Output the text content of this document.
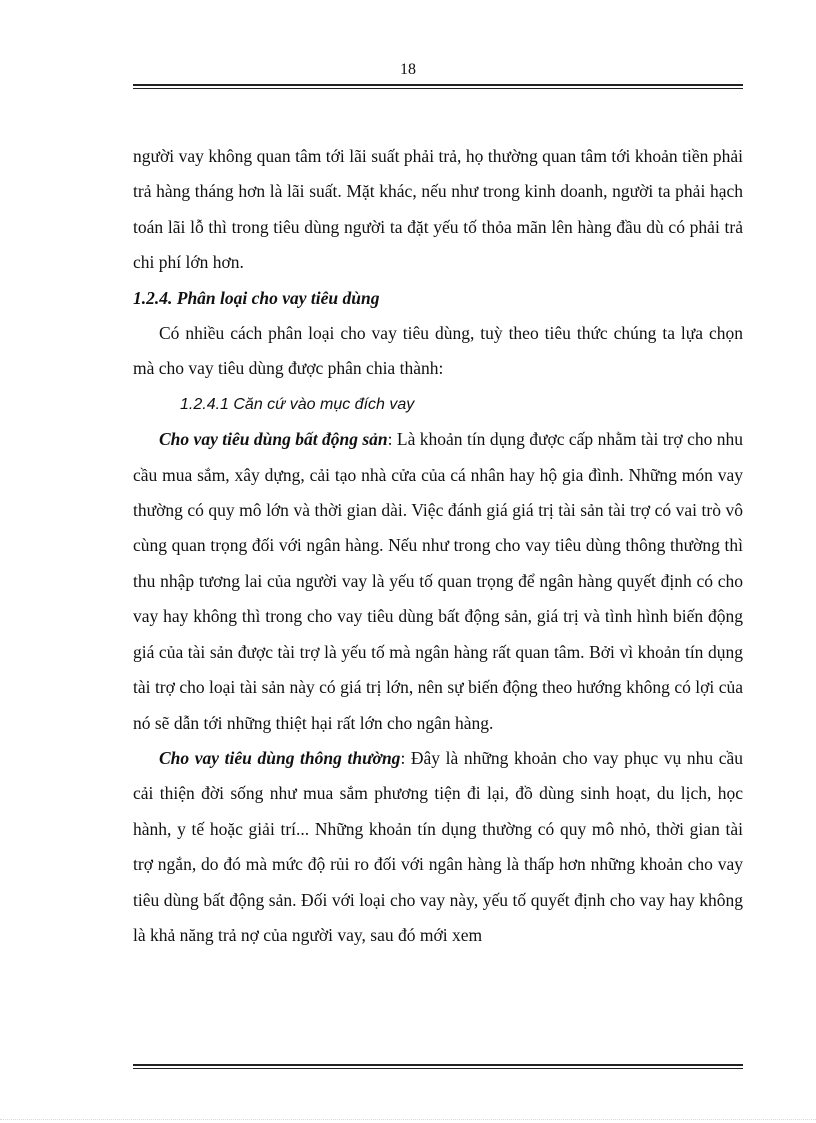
18

người vay không quan tâm tới lãi suất phải trả, họ thường quan tâm tới khoản tiền phải trả hàng tháng hơn là lãi suất. Mặt khác, nếu như trong kinh doanh, người ta phải hạch toán lãi lỗ thì trong tiêu dùng người ta đặt yếu tố thỏa mãn lên hàng đầu dù có phải trả chi phí lớn hơn.

1.2.4. Phân loại cho vay tiêu dùng

Có nhiều cách phân loại cho vay tiêu dùng, tuỳ theo tiêu thức chúng ta lựa chọn mà cho vay tiêu dùng được phân chia thành:

1.2.4.1 Căn cứ vào mục đích vay

Cho vay tiêu dùng bất động sản: Là khoản tín dụng được cấp nhằm tài trợ cho nhu cầu mua sắm, xây dựng, cải tạo nhà cửa của cá nhân hay hộ gia đình. Những món vay thường có quy mô lớn và thời gian dài. Việc đánh giá giá trị tài sản tài trợ có vai trò vô cùng quan trọng đối với ngân hàng. Nếu như trong cho vay tiêu dùng thông thường thì thu nhập tương lai của người vay là yếu tố quan trọng để ngân hàng quyết định có cho vay hay không thì trong cho vay tiêu dùng bất động sản, giá trị và tình hình biến động giá của tài sản được tài trợ là yếu tố mà ngân hàng rất quan tâm. Bởi vì khoản tín dụng tài trợ cho loại tài sản này có giá trị lớn, nên sự biến động theo hướng không có lợi của nó sẽ dẫn tới những thiệt hại rất lớn cho ngân hàng.

Cho vay tiêu dùng thông thường: Đây là những khoản cho vay phục vụ nhu cầu cải thiện đời sống như mua sắm phương tiện đi lại, đồ dùng sinh hoạt, du lịch, học hành, y tế hoặc giải trí... Những khoản tín dụng thường có quy mô nhỏ, thời gian tài trợ ngắn, do đó mà mức độ rủi ro đối với ngân hàng là thấp hơn những khoản cho vay tiêu dùng bất động sản. Đối với loại cho vay này, yếu tố quyết định cho vay hay không là khả năng trả nợ của người vay, sau đó mới xem
